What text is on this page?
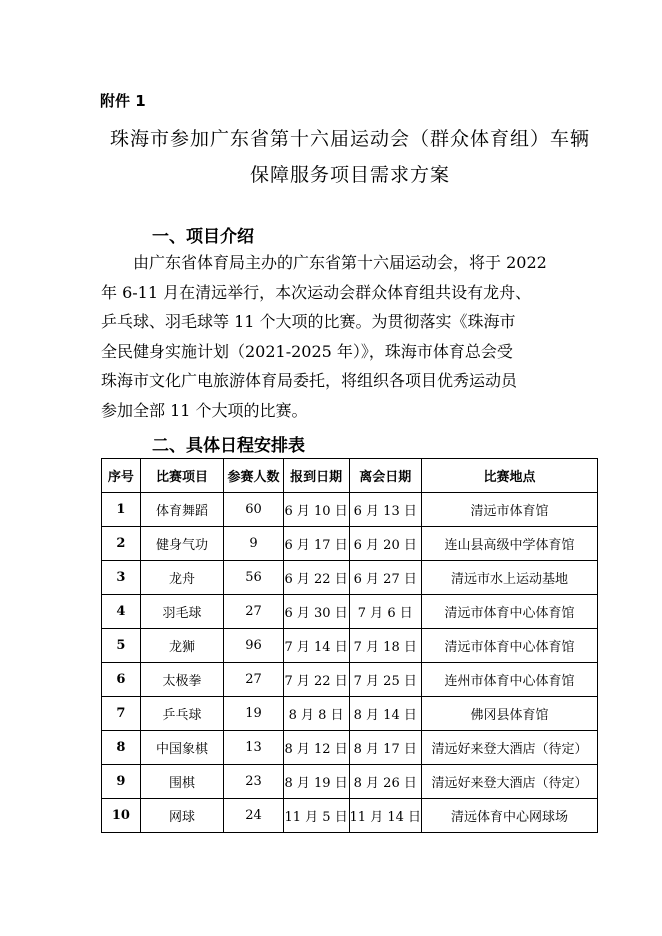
附件 1
珠海市参加广东省第十六届运动会（群众体育组）车辆
保障服务项目需求方案
一、项目介绍
由广东省体育局主办的广东省第十六届运动会，将于 2022
年 6-11 月在清远举行，本次运动会群众体育组共设有龙舟、
乒乓球、羽毛球等 11 个大项的比赛。为贯彻落实《珠海市
全民健身实施计划（2021-2025 年）》，珠海市体育总会受
珠海市文化广电旅游体育局委托，将组织各项目优秀运动员
参加全部 11 个大项的比赛。
二、具体日程安排表
序号	比赛项目	参赛人数	报到日期	离会日期	比赛地点
1	体育舞蹈	60	6 月 10 日	6 月 13 日	清远市体育馆
2	健身气功	9	6 月 17 日	6 月 20 日	连山县高级中学体育馆
3	龙舟	56	6 月 22 日	6 月 27 日	清远市水上运动基地
4	羽毛球	27	6 月 30 日	7 月 6 日	清远市体育中心体育馆
5	龙狮	96	7 月 14 日	7 月 18 日	清远市体育中心体育馆
6	太极拳	27	7 月 22 日	7 月 25 日	连州市体育中心体育馆
7	乒乓球	19	8 月 8 日	8 月 14 日	佛冈县体育馆
8	中国象棋	13	8 月 12 日	8 月 17 日	清远好来登大酒店（待定）
9	围棋	23	8 月 19 日	8 月 26 日	清远好来登大酒店（待定）
10	网球	24	11 月 5 日	11 月 14 日	清远体育中心网球场
